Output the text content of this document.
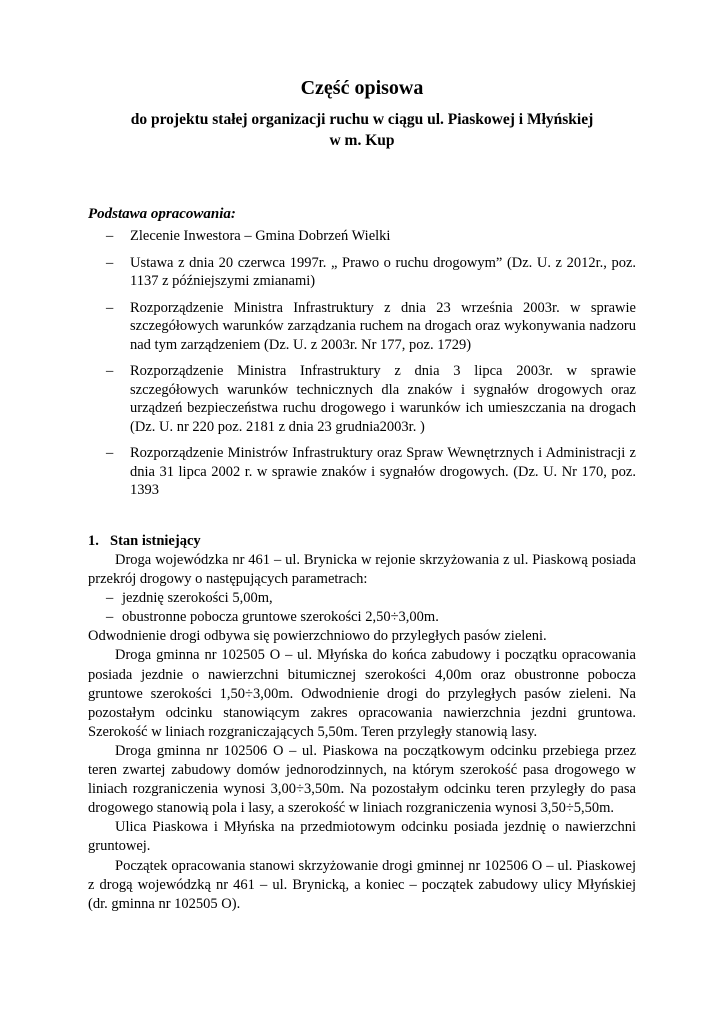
Część opisowa

do projektu stałej organizacji ruchu w ciągu ul. Piaskowej i Młyńskiej
w m. Kup

Podstawa opracowania:

– Zlecenie Inwestora – Gmina Dobrzeń Wielki
– Ustawa z dnia 20 czerwca 1997r. „ Prawo o ruchu drogowym” (Dz. U. z 2012r., poz. 1137 z późniejszymi zmianami)
– Rozporządzenie Ministra Infrastruktury z dnia 23 września 2003r. w sprawie szczegółowych warunków zarządzania ruchem na drogach oraz wykonywania nadzoru nad tym zarządzeniem (Dz. U. z 2003r. Nr 177, poz. 1729)
– Rozporządzenie Ministra Infrastruktury z dnia 3 lipca 2003r. w sprawie szczegółowych warunków technicznych dla znaków i sygnałów drogowych oraz urządzeń bezpieczeństwa ruchu drogowego i warunków ich umieszczania na drogach (Dz. U. nr 220 poz. 2181 z dnia 23 grudnia2003r. )
– Rozporządzenie Ministrów Infrastruktury oraz Spraw Wewnętrznych i Administracji z dnia 31 lipca 2002 r. w sprawie znaków i sygnałów drogowych. (Dz. U. Nr 170, poz. 1393
1. Stan istniejący

Droga wojewódzka nr 461 – ul. Brynicka w rejonie skrzyżowania z ul. Piaskową posiada przekrój drogowy o następujących parametrach:

– jezdnię szerokości 5,00m,
– obustronne pobocza gruntowe szerokości 2,50÷3,00m.

Odwodnienie drogi odbywa się powierzchniowo do przyległych pasów zieleni.

Droga gminna nr 102505 O – ul. Młyńska do końca zabudowy i początku opracowania posiada jezdnie o nawierzchni bitumicznej szerokości 4,00m oraz obustronne pobocza gruntowe szerokości 1,50÷3,00m. Odwodnienie drogi do przyległych pasów zieleni. Na pozostałym odcinku stanowiącym zakres opracowania nawierzchnia jezdni gruntowa. Szerokość w liniach rozgraniczających 5,50m. Teren przyległy stanowią lasy.

Droga gminna nr 102506 O – ul. Piaskowa na początkowym odcinku przebiega przez teren zwartej zabudowy domów jednorodzinnych, na którym szerokość pasa drogowego w liniach rozgraniczenia wynosi 3,00÷3,50m. Na pozostałym odcinku teren przyległy do pasa drogowego stanowią pola i lasy, a szerokość w liniach rozgraniczenia wynosi 3,50÷5,50m.

Ulica Piaskowa i Młyńska na przedmiotowym odcinku posiada jezdnię o nawierzchni gruntowej.

Początek opracowania stanowi skrzyżowanie drogi gminnej nr 102506 O – ul. Piaskowej z drogą wojewódzką nr 461 – ul. Brynicką, a koniec – początek zabudowy ulicy Młyńskiej (dr. gminna nr 102505 O).
